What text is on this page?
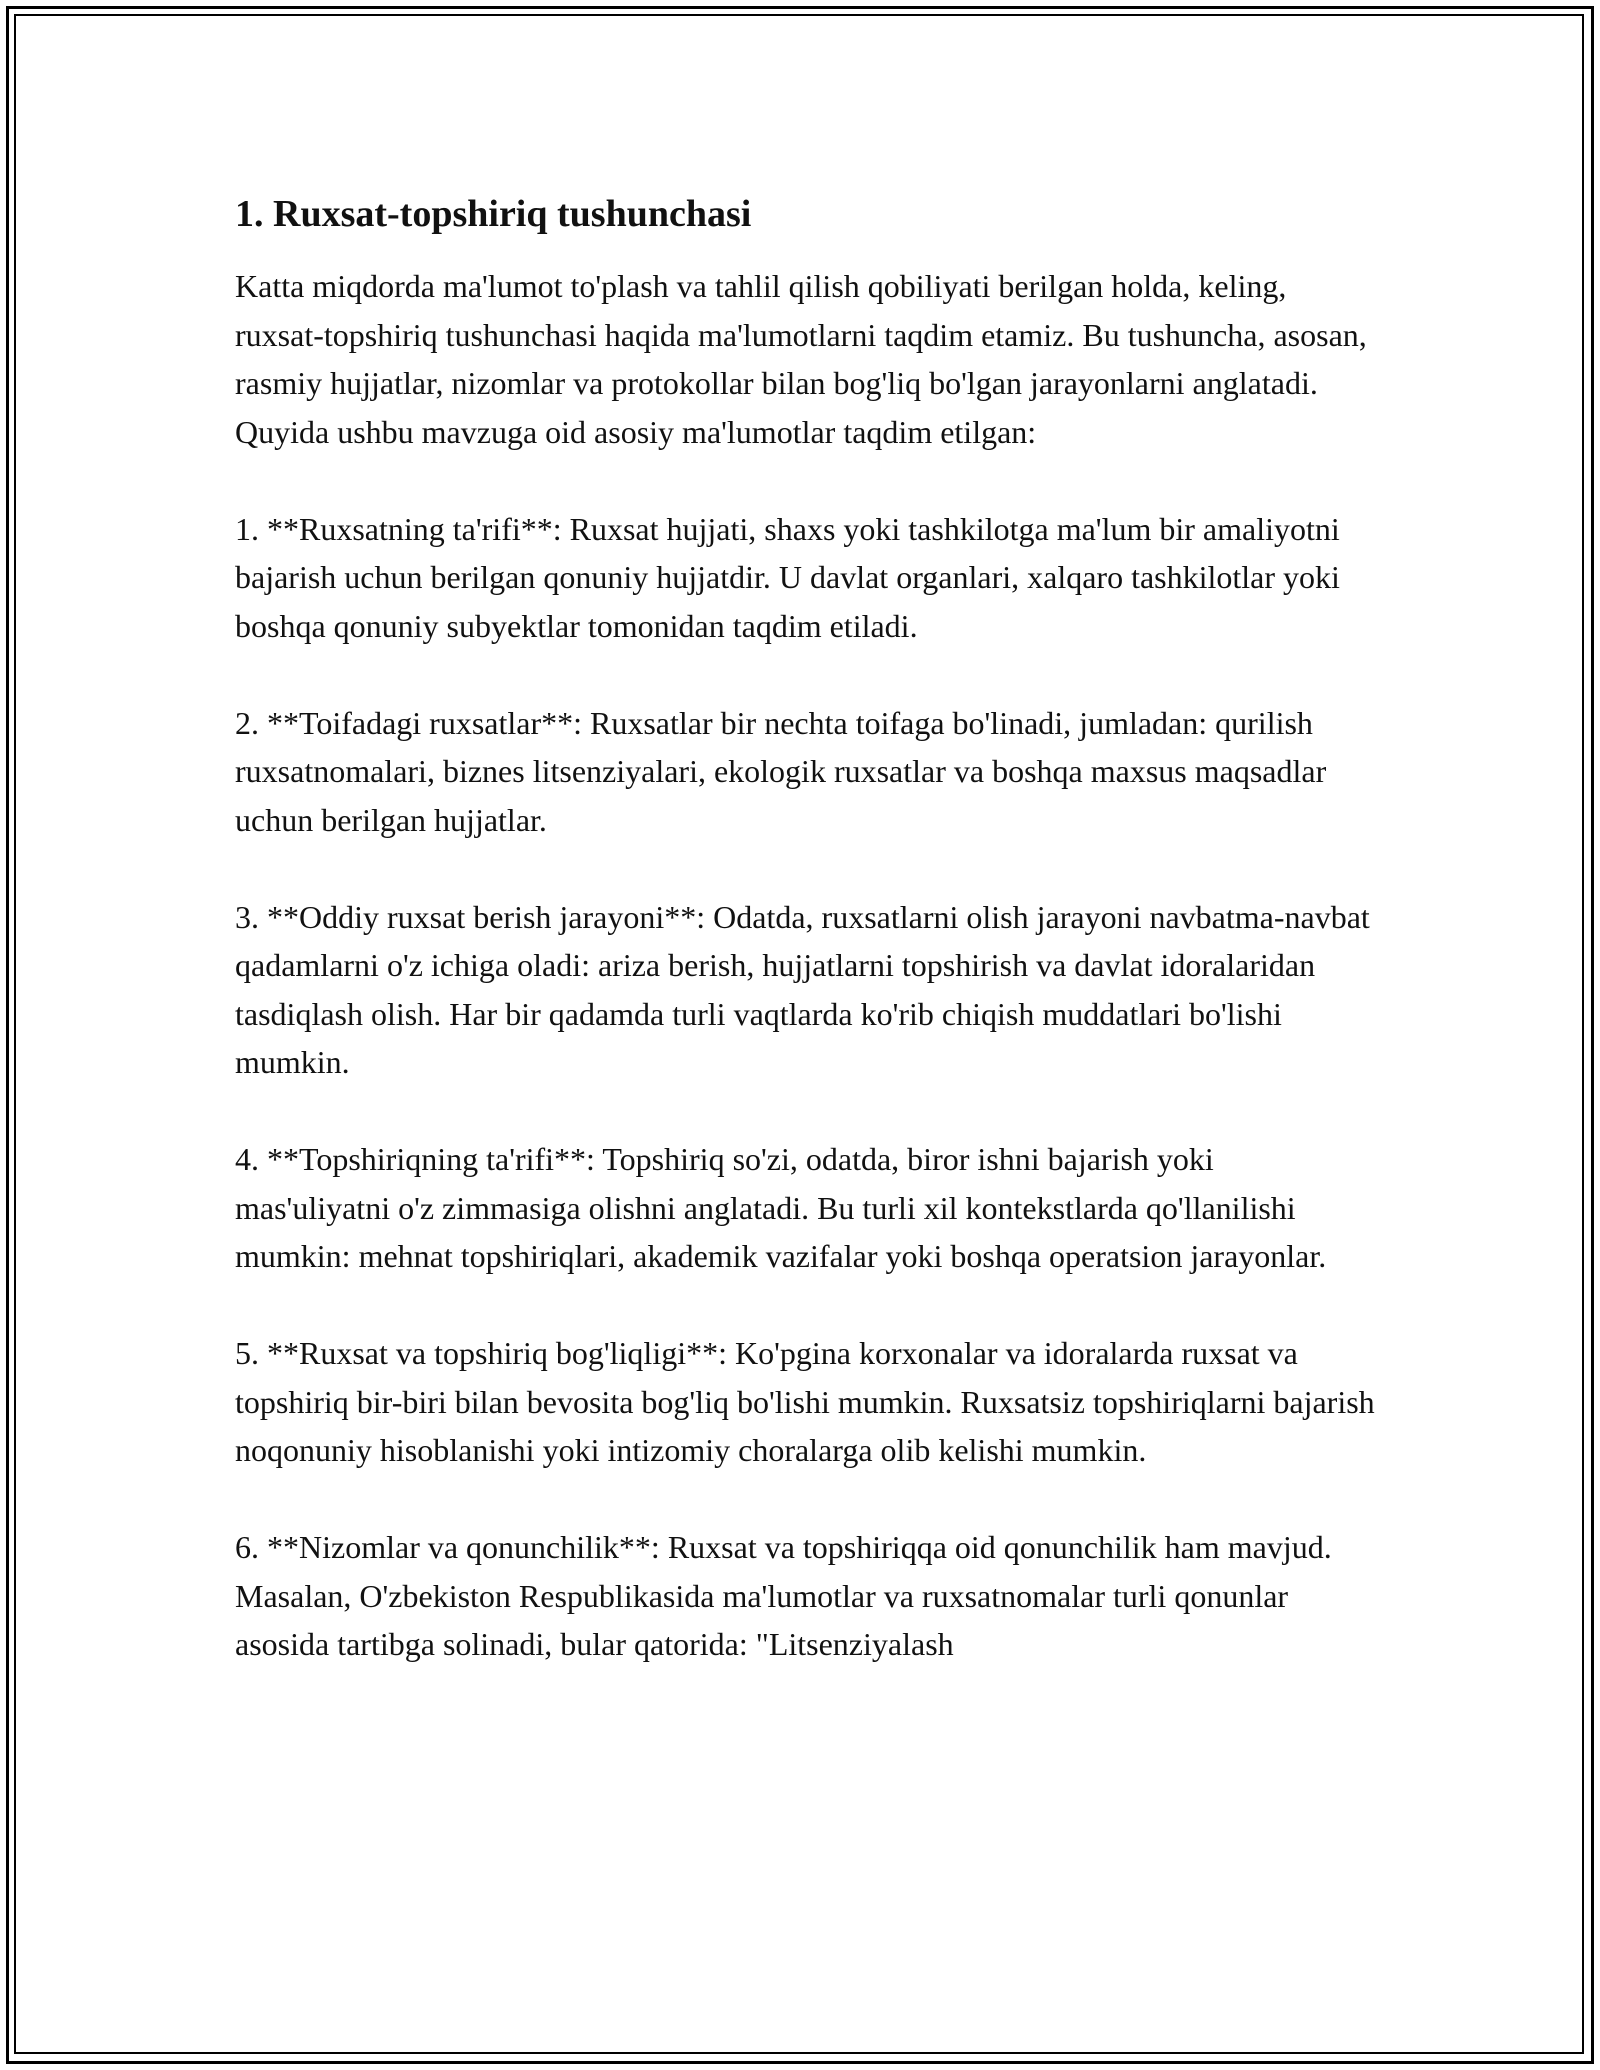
1. Ruxsat-topshiriq tushunchasi

Katta miqdorda ma'lumot to'plash va tahlil qilish qobiliyati berilgan holda, keling, ruxsat-topshiriq tushunchasi haqida ma'lumotlarni taqdim etamiz. Bu tushuncha, asosan, rasmiy hujjatlar, nizomlar va protokollar bilan bog'liq bo'lgan jarayonlarni anglatadi. Quyida ushbu mavzuga oid asosiy ma'lumotlar taqdim etilgan:

1. **Ruxsatning ta'rifi**: Ruxsat hujjati, shaxs yoki tashkilotga ma'lum bir amaliyotni bajarish uchun berilgan qonuniy hujjatdir. U davlat organlari, xalqaro tashkilotlar yoki boshqa qonuniy subyektlar tomonidan taqdim etiladi.

2. **Toifadagi ruxsatlar**: Ruxsatlar bir nechta toifaga bo'linadi, jumladan: qurilish ruxsatnomalari, biznes litsenziyalari, ekologik ruxsatlar va boshqa maxsus maqsadlar uchun berilgan hujjatlar.

3. **Oddiy ruxsat berish jarayoni**: Odatda, ruxsatlarni olish jarayoni navbatma-navbat qadamlarni o'z ichiga oladi: ariza berish, hujjatlarni topshirish va davlat idoralaridan tasdiqlash olish. Har bir qadamda turli vaqtlarda ko'rib chiqish muddatlari bo'lishi mumkin.

4. **Topshiriqning ta'rifi**: Topshiriq so'zi, odatda, biror ishni bajarish yoki mas'uliyatni o'z zimmasiga olishni anglatadi. Bu turli xil kontekstlarda qo'llanilishi mumkin: mehnat topshiriqlari, akademik vazifalar yoki boshqa operatsion jarayonlar.

5. **Ruxsat va topshiriq bog'liqligi**: Ko'pgina korxonalar va idoralarda ruxsat va topshiriq bir-biri bilan bevosita bog'liq bo'lishi mumkin. Ruxsatsiz topshiriqlarni bajarish noqonuniy hisoblanishi yoki intizomiy choralarga olib kelishi mumkin.

6. **Nizomlar va qonunchilik**: Ruxsat va topshiriqqa oid qonunchilik ham mavjud. Masalan, O'zbekiston Respublikasida ma'lumotlar va ruxsatnomalar turli qonunlar asosida tartibga solinadi, bular qatorida: "Litsenziyalash
